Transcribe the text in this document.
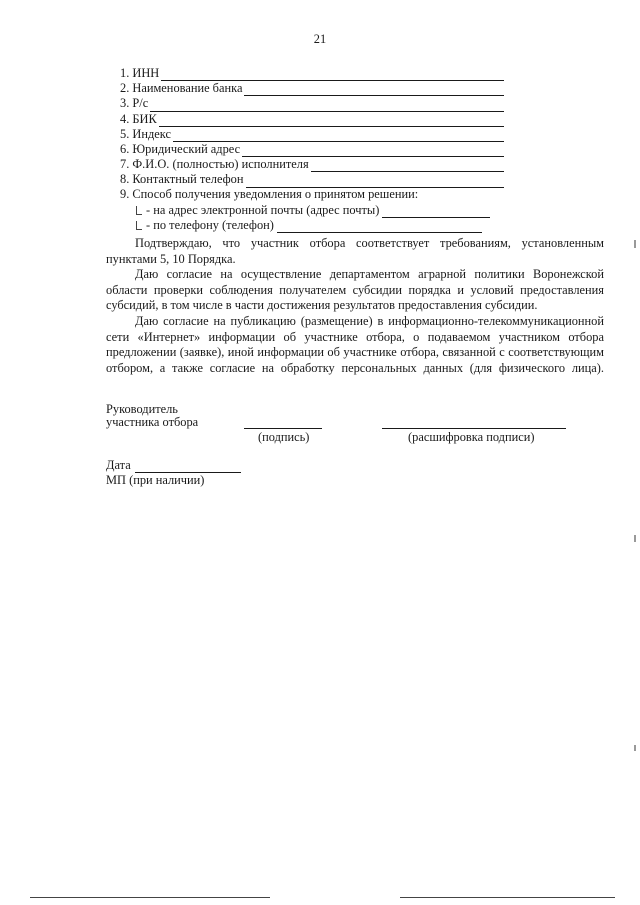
21
1. ИНН
2. Наименование банка
3. Р/с
4. БИК
5. Индекс
6. Юридический адрес
7. Ф.И.О. (полностью) исполнителя
8. Контактный телефон
9. Способ получения уведомления о принятом решении:
- на адрес электронной почты (адрес почты)
- по телефону (телефон)

Подтверждаю, что участник отбора соответствует требованиям, установленным пунктами 5, 10 Порядка.

Даю согласие на осуществление департаментом аграрной политики Воронежской области проверки соблюдения получателем субсидии порядка и условий предоставления субсидий, в том числе в части достижения результатов предоставления субсидии.

Даю согласие на публикацию (размещение) в информационно-телекоммуникационной сети «Интернет» информации об участнике отбора, о подаваемом участником отбора предложении (заявке), иной информации об участнике отбора, связанной с соответствующим отбором, а также согласие на обработку персональных данных (для физического лица).

Руководитель
участника отбора
(подпись)	(расшифровка подписи)
Дата
МП (при наличии)
